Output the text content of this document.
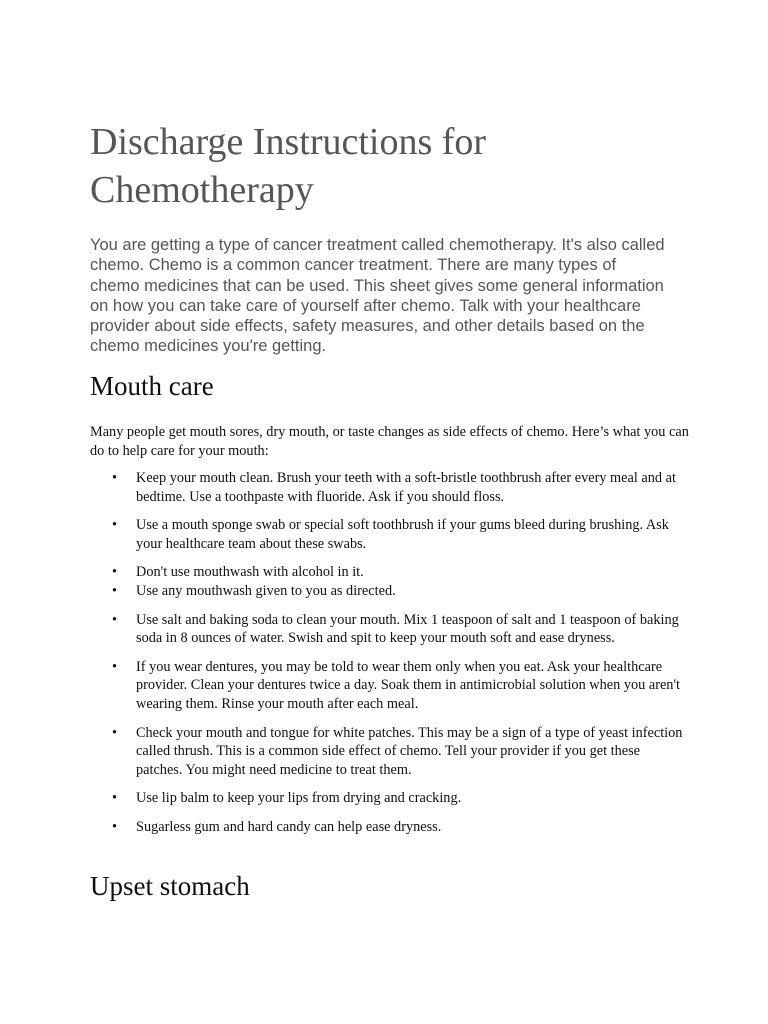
Discharge Instructions for Chemotherapy

You are getting a type of cancer treatment called chemotherapy. It's also called chemo. Chemo is a common cancer treatment. There are many types of chemo medicines that can be used. This sheet gives some general information on how you can take care of yourself after chemo. Talk with your healthcare provider about side effects, safety measures, and other details based on the chemo medicines you're getting.

Mouth care

Many people get mouth sores, dry mouth, or taste changes as side effects of chemo. Here’s what you can do to help care for your mouth:

• Keep your mouth clean. Brush your teeth with a soft-bristle toothbrush after every meal and at bedtime. Use a toothpaste with fluoride. Ask if you should floss.
• Use a mouth sponge swab or special soft toothbrush if your gums bleed during brushing. Ask your healthcare team about these swabs.
• Don't use mouthwash with alcohol in it.
• Use any mouthwash given to you as directed.
• Use salt and baking soda to clean your mouth. Mix 1 teaspoon of salt and 1 teaspoon of baking soda in 8 ounces of water. Swish and spit to keep your mouth soft and ease dryness.
• If you wear dentures, you may be told to wear them only when you eat. Ask your healthcare provider. Clean your dentures twice a day. Soak them in antimicrobial solution when you aren't wearing them. Rinse your mouth after each meal.
• Check your mouth and tongue for white patches. This may be a sign of a type of yeast infection called thrush. This is a common side effect of chemo. Tell your provider if you get these patches. You might need medicine to treat them.
• Use lip balm to keep your lips from drying and cracking.
• Sugarless gum and hard candy can help ease dryness.
Upset stomach
